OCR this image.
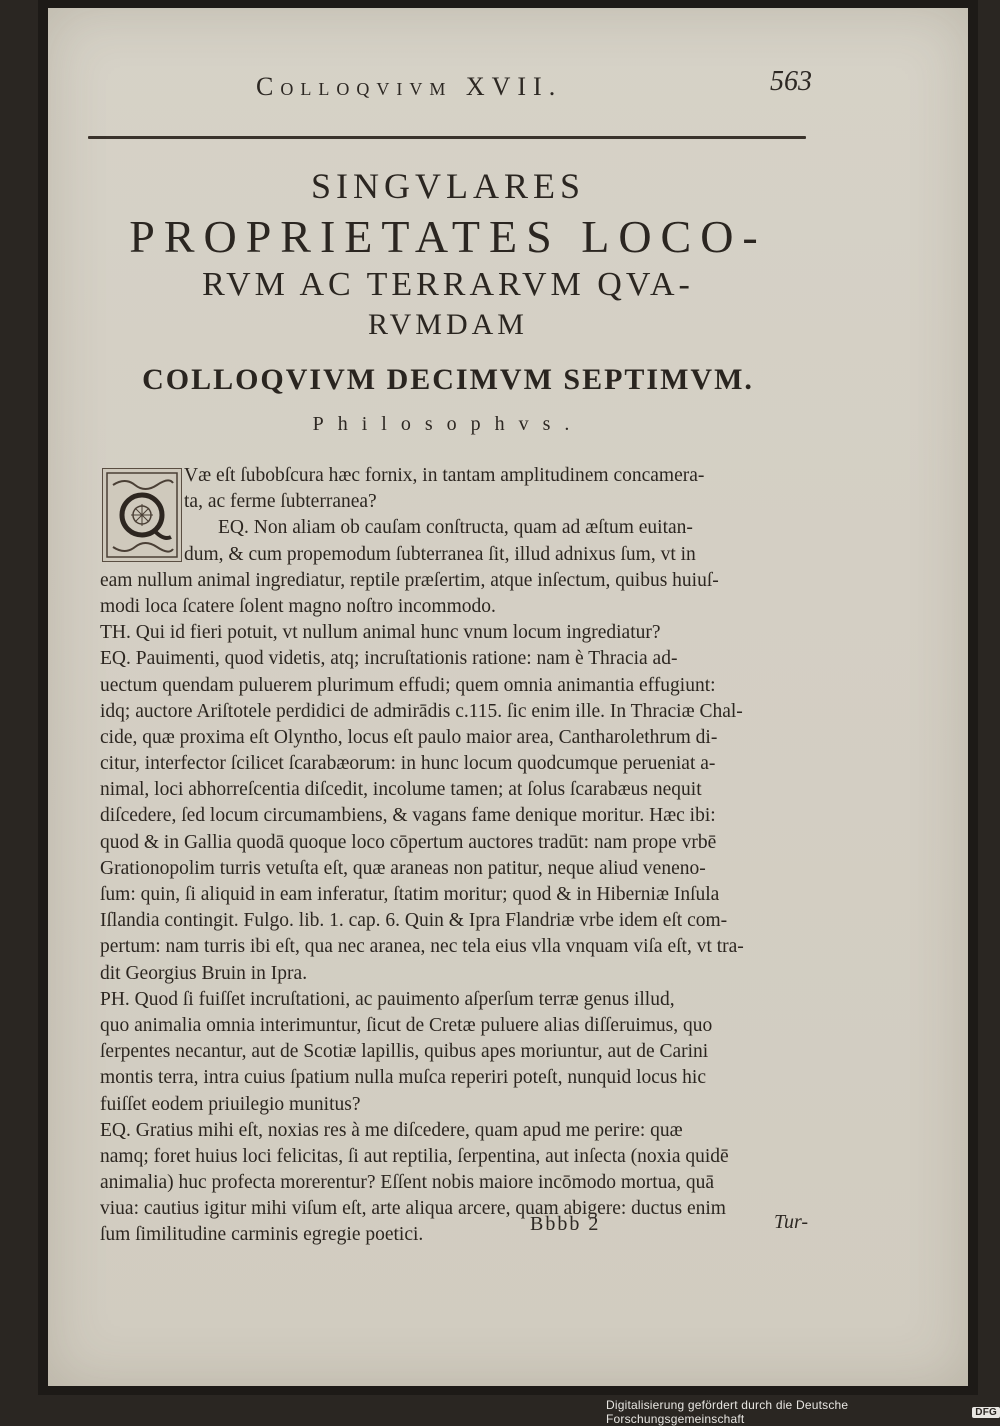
Colloqvivm XVII.	563
SINGVLARES
PROPRIETATES LOCO-
RVM AC TERRARVM QVA-
RVMDAM
COLLOQVIVM DECIMVM SEPTIMVM.
Philosophvs.
Væ eſt ſubobſcura hæc fornix, in tantam amplitudinem concamera-
ta, ac ferme ſubterranea?
EQ. Non aliam ob cauſam conſtructa, quam ad æſtum euitan-
dum, & cum propemodum ſubterranea ſit, illud adnixus ſum, vt in
eam nullum animal ingrediatur, reptile præſertim, atque inſectum, quibus huiuſ-
modi loca ſcatere ſolent magno noſtro incommodo.
TH. Qui id fieri potuit, vt nullum animal hunc vnum locum ingrediatur?
EQ. Pauimenti, quod videtis, atq; incruſtationis ratione: nam è Thracia ad-
uectum quendam puluerem plurimum effudi; quem omnia animantia effugiunt:
idq; auctore Ariſtotele perdidici de admirādis c.115. ſic enim ille. In Thraciæ Chal-
cide, quæ proxima eſt Olyntho, locus eſt paulo maior area, Cantharolethrum di-
citur, interfector ſcilicet ſcarabæorum: in hunc locum quodcumque perueniat a-
nimal, loci abhorreſcentia diſcedit, incolume tamen; at ſolus ſcarabæus nequit
diſcedere, ſed locum circumambiens, & vagans fame denique moritur. Hæc ibi:
quod & in Gallia quodā quoque loco cōpertum auctores tradūt: nam prope vrbē
Grationopolim turris vetuſta eſt, quæ araneas non patitur, neque aliud veneno-
ſum: quin, ſi aliquid in eam inferatur, ſtatim moritur; quod & in Hiberniæ Inſula
Iſlandia contingit. Fulgo. lib. 1. cap. 6. Quin & Ipra Flandriæ vrbe idem eſt com-
pertum: nam turris ibi eſt, qua nec aranea, nec tela eius vlla vnquam viſa eſt, vt tra-
dit Georgius Bruin in Ipra.
PH. Quod ſi fuiſſet incruſtationi, ac pauimento aſperſum terræ genus illud,
quo animalia omnia interimuntur, ſicut de Cretæ puluere alias diſſeruimus, quo
ſerpentes necantur, aut de Scotiæ lapillis, quibus apes moriuntur, aut de Carini
montis terra, intra cuius ſpatium nulla muſca reperiri poteſt, nunquid locus hic
fuiſſet eodem priuilegio munitus?
EQ. Gratius mihi eſt, noxias res à me diſcedere, quam apud me perire: quæ
namq; foret huius loci felicitas, ſi aut reptilia, ſerpentina, aut inſecta (noxia quidē
animalia) huc profecta morerentur? Eſſent nobis maiore incōmodo mortua, quā
viua: cautius igitur mihi viſum eſt, arte aliqua arcere, quam abigere: ductus enim
ſum ſimilitudine carminis egregie poetici.	Bbbb 2	Tur-
Digitalisierung gefördert durch die Deutsche Forschungsgemeinschaft	DFG
